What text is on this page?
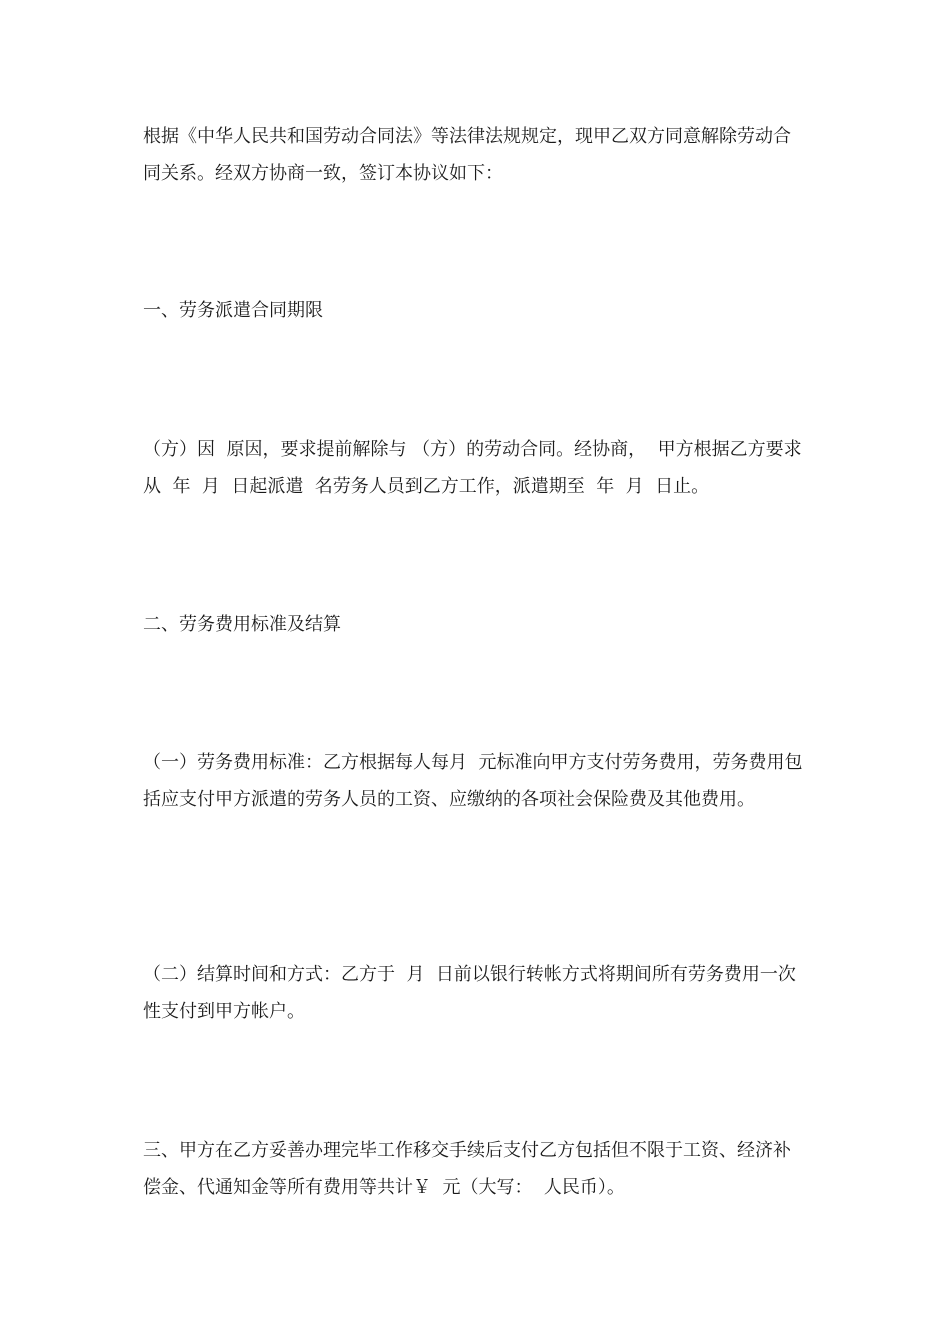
根据《中华人民共和国劳动合同法》等法律法规规定，现甲乙双方同意解除劳动合同关系。经双方协商一致，签订本协议如下：

一、劳务派遣合同期限

（方）因  原因，要求提前解除与 （方）的劳动合同。经协商，  甲方根据乙方要求从  年  月  日起派遣  名劳务人员到乙方工作，派遣期至  年  月  日止。

二、劳务费用标准及结算

（一）劳务费用标准：乙方根据每人每月  元标准向甲方支付劳务费用，劳务费用包括应支付甲方派遣的劳务人员的工资、应缴纳的各项社会保险费及其他费用。

（二）结算时间和方式：乙方于  月  日前以银行转帐方式将期间所有劳务费用一次性支付到甲方帐户。

三、甲方在乙方妥善办理完毕工作移交手续后支付乙方包括但不限于工资、经济补偿金、代通知金等所有费用等共计￥  元（大写：  人民币）。
